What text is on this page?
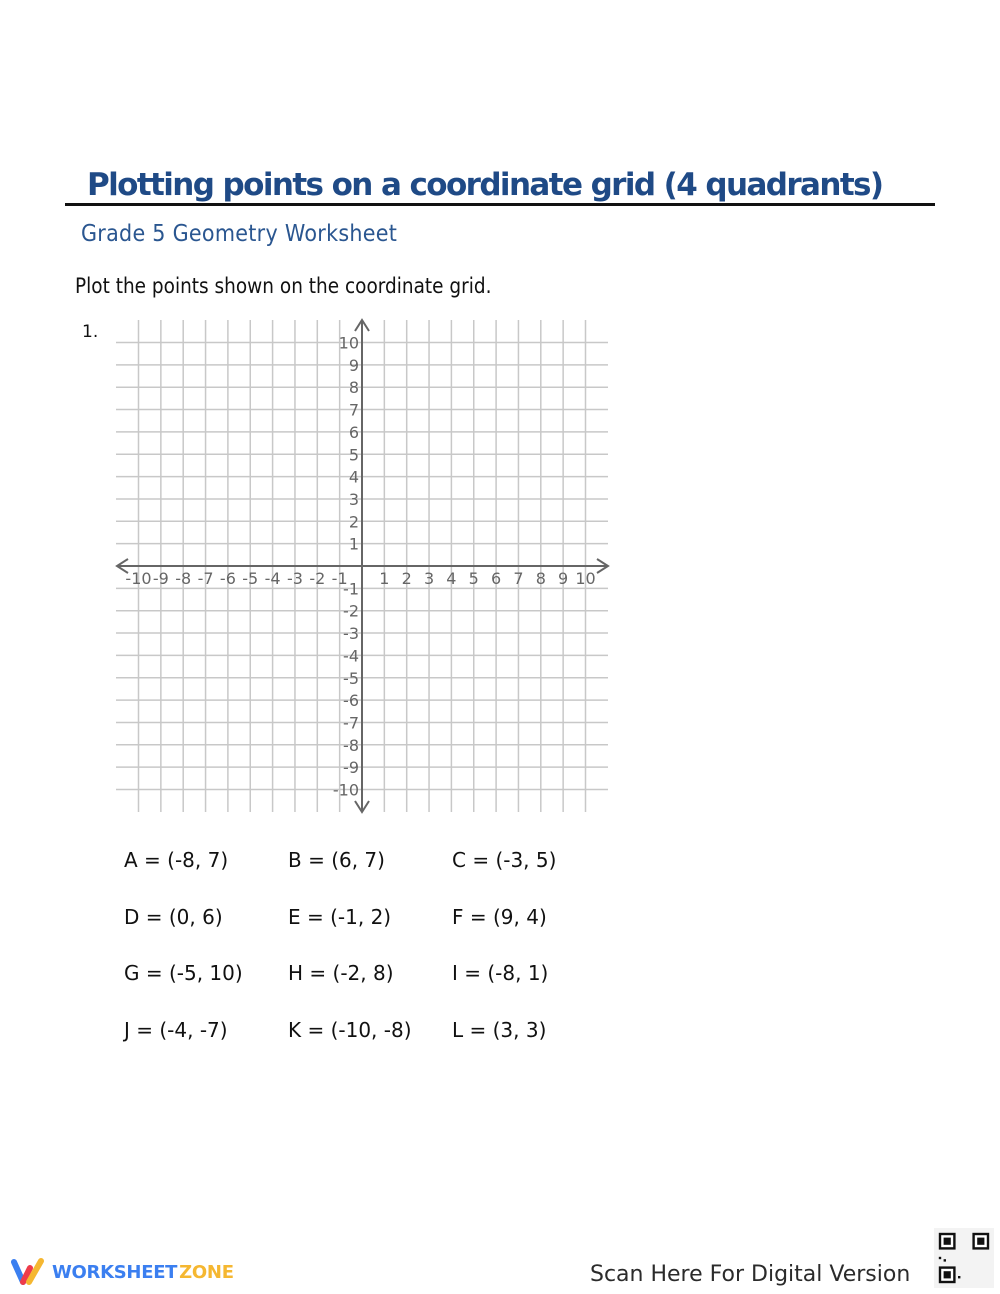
Plotting points on a coordinate grid (4 quadrants)
Grade 5 Geometry Worksheet
Plot the points shown on the coordinate grid.
1.
-10 -9 -8 -7 -6 -5 -4 -3 -2 -1 1 2 3 4 5 6 7 8 9 10
10
9
8
7
6
5
4
3
2
1
-1
-2
-3
-4
-5
-6
-7
-8
-9
-10
A = (-8, 7)	B = (6, 7)	C = (-3, 5)
D = (0, 6)	E = (-1, 2)	F = (9, 4)
G = (-5, 10) H = (-2, 8)	I = (-8, 1)
J = (-4, -7)	K = (-10, -8) L = (3, 3)
WORKSHEET ZONE	Scan Here For Digital Version
